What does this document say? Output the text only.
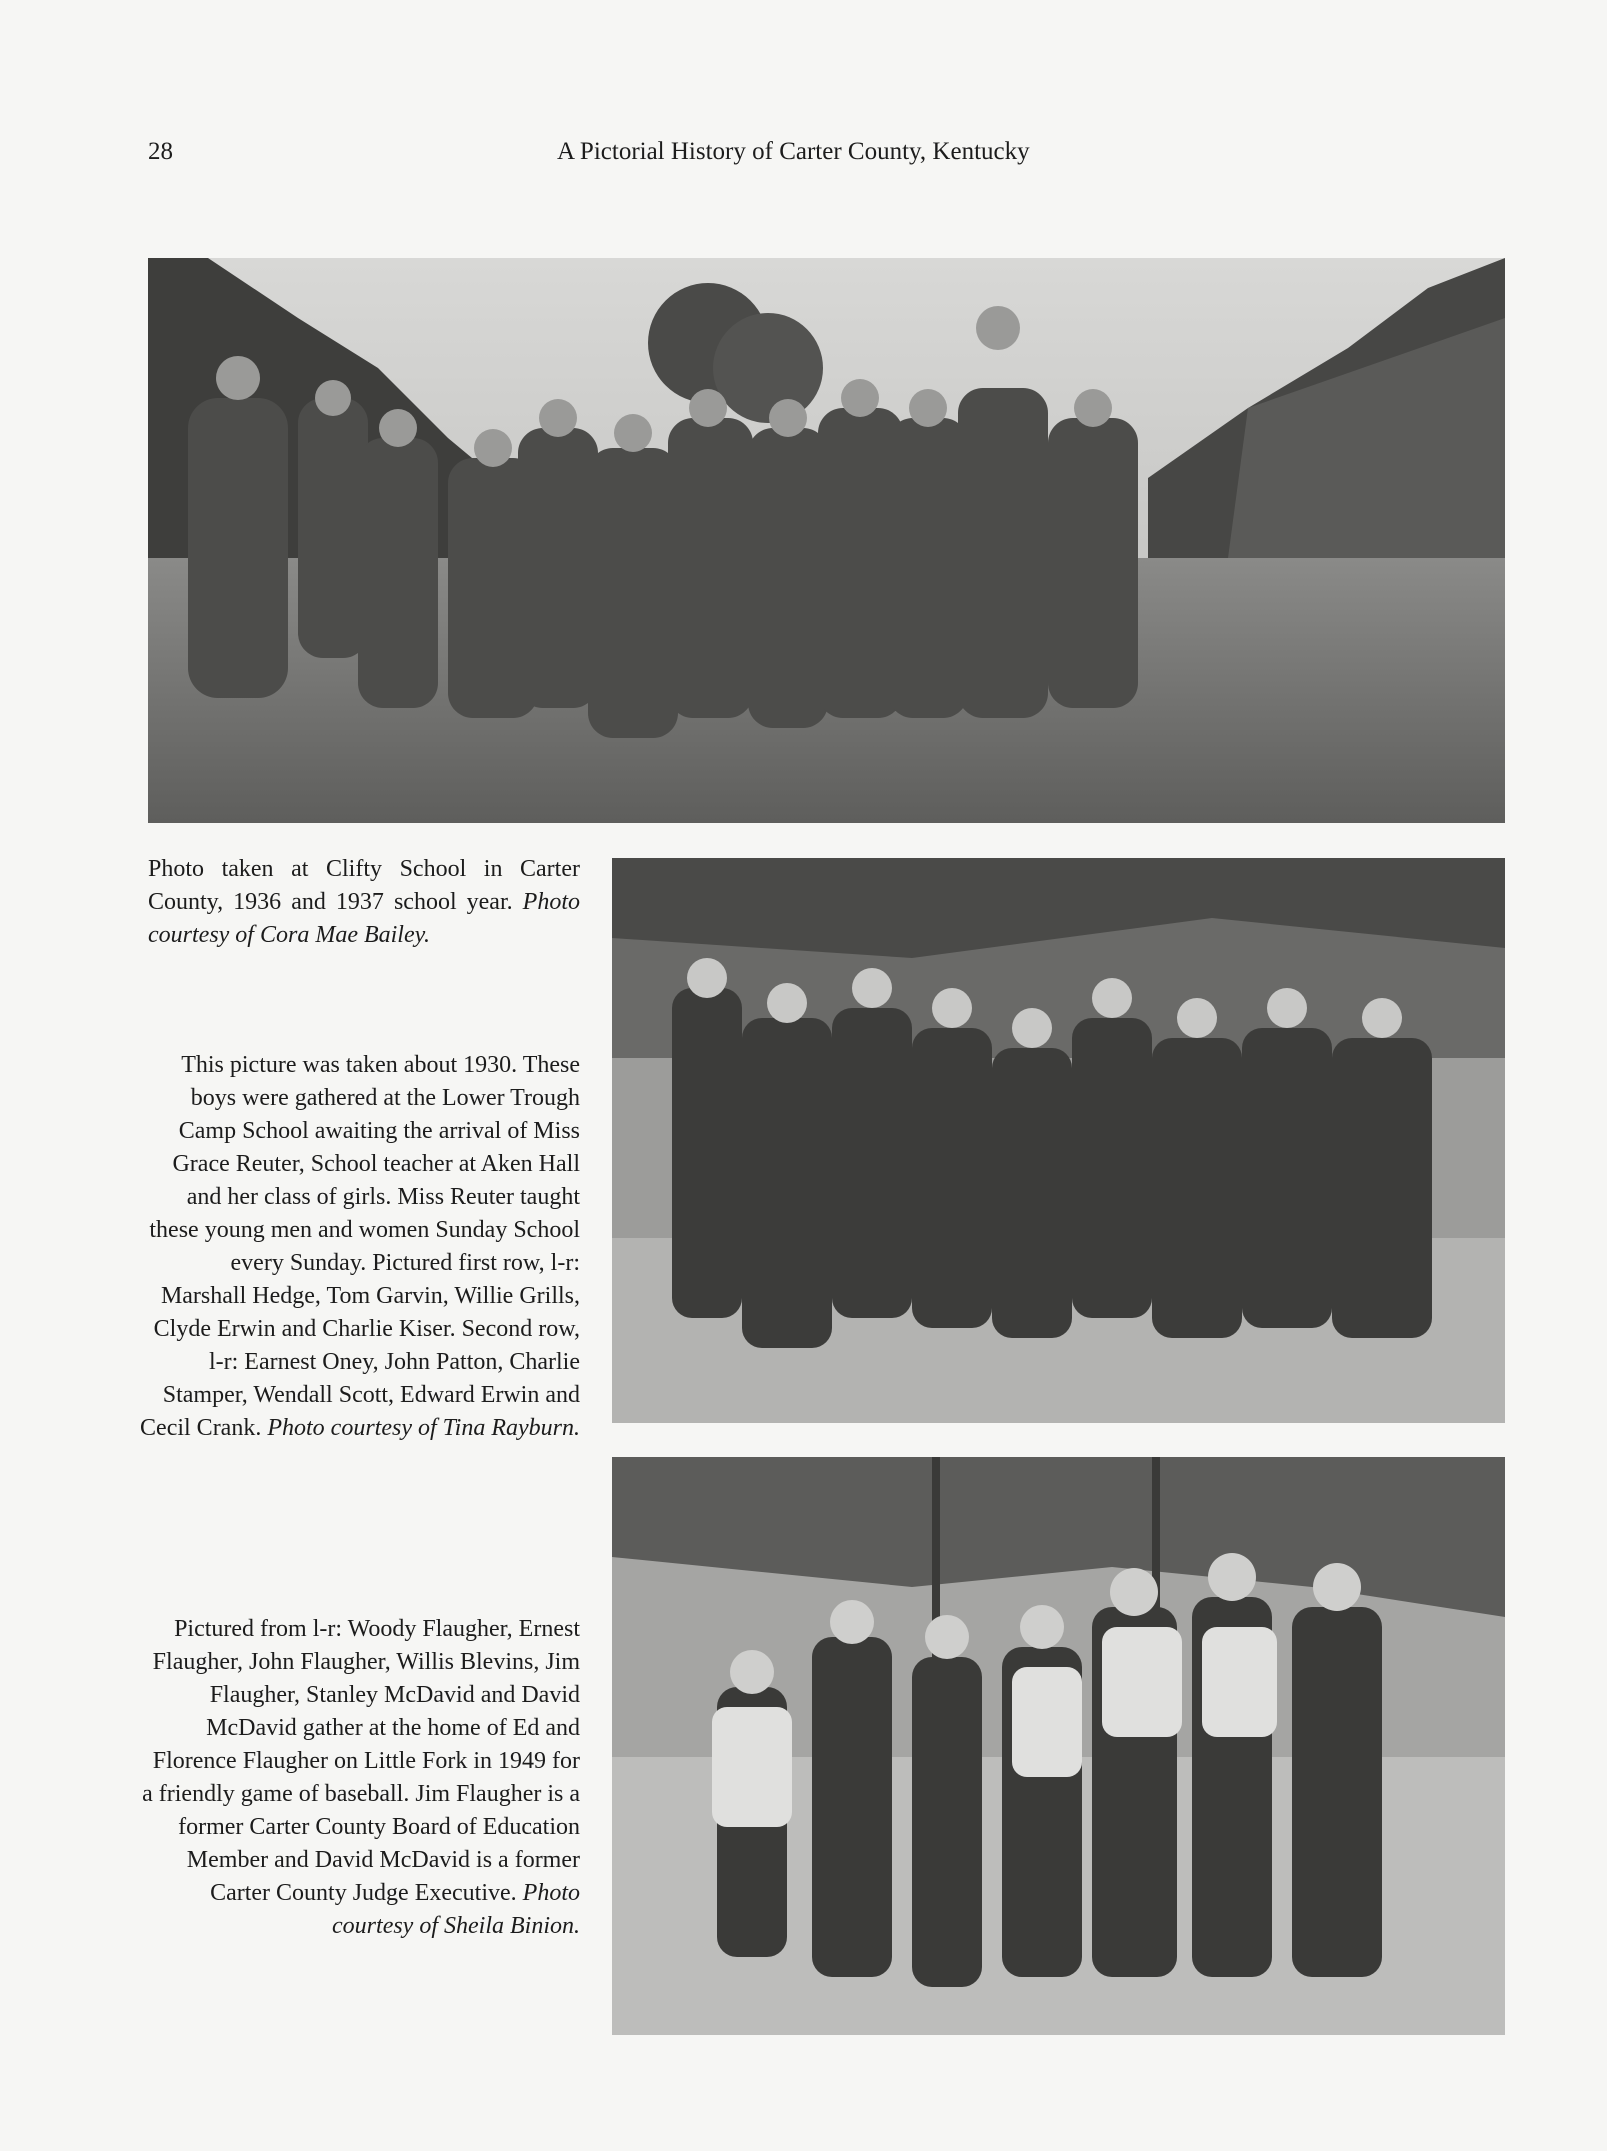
28	A Pictorial History of Carter County, Kentucky

Photo taken at Clifty School in Carter County, 1936 and 1937 school year. Photo courtesy of Cora Mae Bailey.

This picture was taken about 1930. These boys were gathered at the Lower Trough Camp School awaiting the arrival of Miss Grace Reuter, School teacher at Aken Hall and her class of girls. Miss Reuter taught these young men and women Sunday School every Sunday. Pictured first row, l-r: Marshall Hedge, Tom Garvin, Willie Grills, Clyde Erwin and Charlie Kiser. Second row, l-r: Earnest Oney, John Patton, Charlie Stamper, Wendall Scott, Edward Erwin and Cecil Crank. Photo courtesy of Tina Rayburn.

Pictured from l-r: Woody Flaugher, Ernest Flaugher, John Flaugher, Willis Blevins, Jim Flaugher, Stanley McDavid and David McDavid gather at the home of Ed and Florence Flaugher on Little Fork in 1949 for a friendly game of baseball. Jim Flaugher is a former Carter County Board of Education Member and David McDavid is a former Carter County Judge Executive. Photo courtesy of Sheila Binion.
